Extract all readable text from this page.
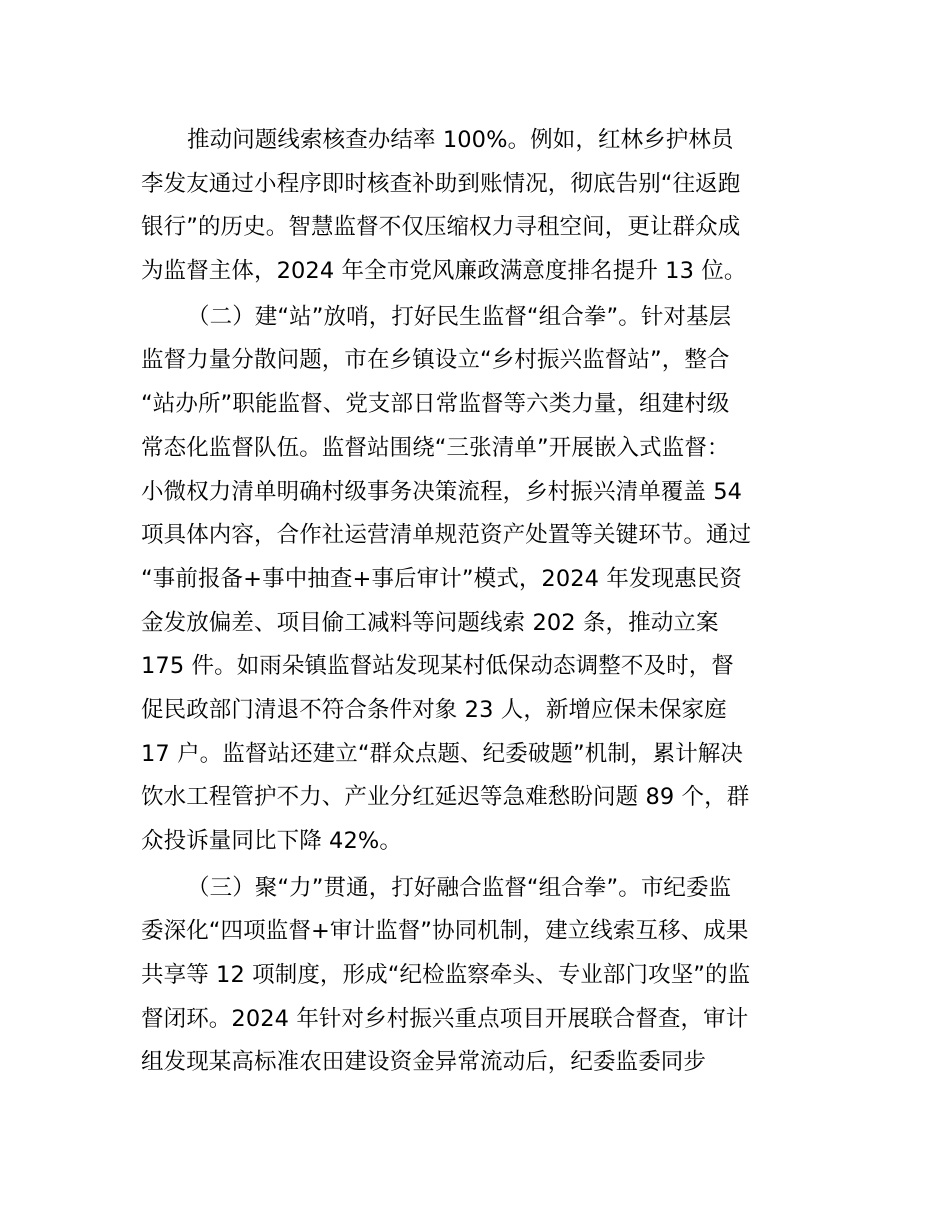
推动问题线索核查办结率 100%。例如，红林乡护林员
李发友通过小程序即时核查补助到账情况，彻底告别“往返跑
银行”的历史。智慧监督不仅压缩权力寻租空间，更让群众成
为监督主体，2024 年全市党风廉政满意度排名提升 13 位。
（二）建“站”放哨，打好民生监督“组合拳”。针对基层
监督力量分散问题，市在乡镇设立“乡村振兴监督站”，整合
“站办所”职能监督、党支部日常监督等六类力量，组建村级
常态化监督队伍。监督站围绕“三张清单”开展嵌入式监督：
小微权力清单明确村级事务决策流程，乡村振兴清单覆盖 54
项具体内容，合作社运营清单规范资产处置等关键环节。通过
“事前报备+事中抽查+事后审计”模式，2024 年发现惠民资
金发放偏差、项目偷工减料等问题线索 202 条，推动立案
175 件。如雨朵镇监督站发现某村低保动态调整不及时，督
促民政部门清退不符合条件对象 23 人，新增应保未保家庭
17 户。监督站还建立“群众点题、纪委破题”机制，累计解决
饮水工程管护不力、产业分红延迟等急难愁盼问题 89 个，群
众投诉量同比下降 42%。
（三）聚“力”贯通，打好融合监督“组合拳”。市纪委监
委深化“四项监督+审计监督”协同机制，建立线索互移、成果
共享等 12 项制度，形成“纪检监察牵头、专业部门攻坚”的监
督闭环。2024 年针对乡村振兴重点项目开展联合督查，审计
组发现某高标准农田建设资金异常流动后，纪委监委同步
